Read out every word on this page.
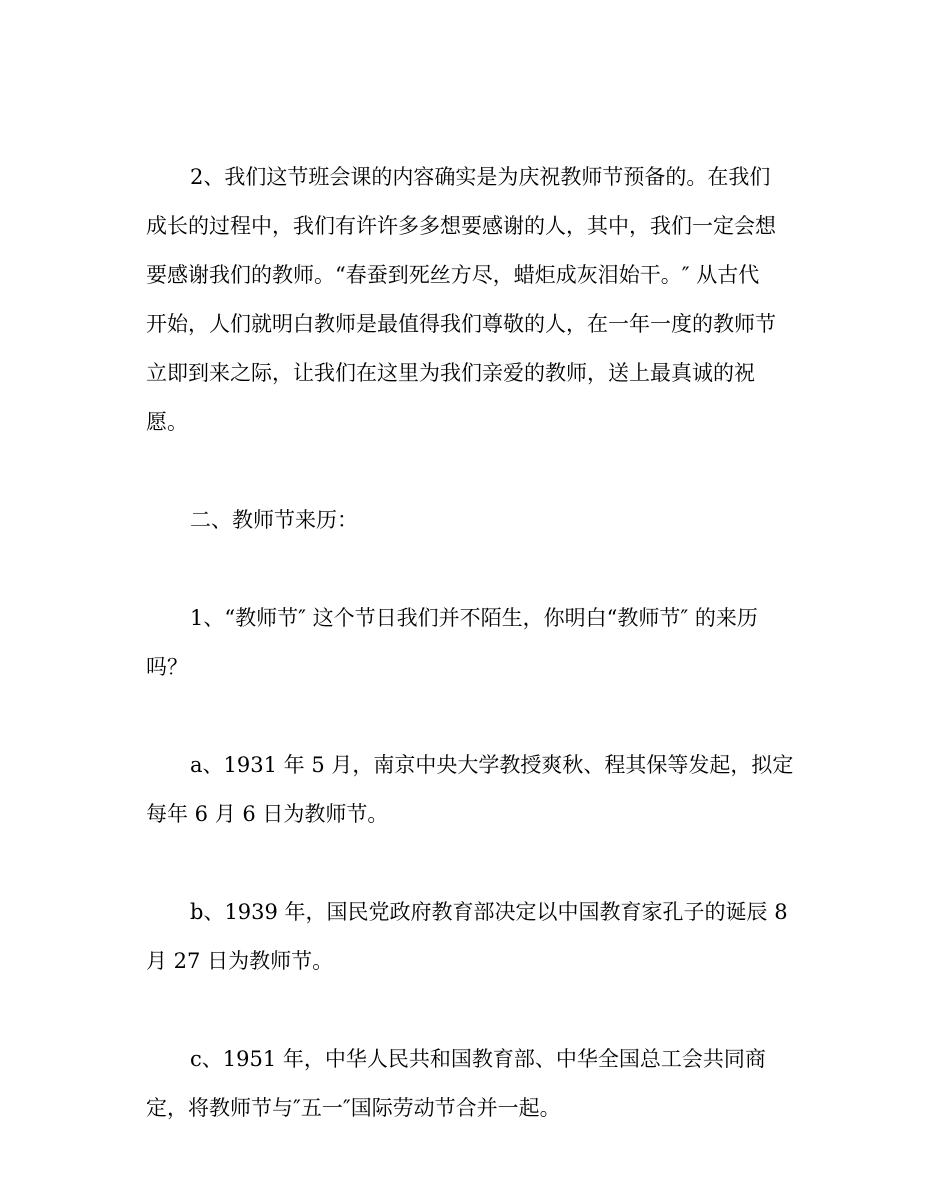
2、我们这节班会课的内容确实是为庆祝教师节预备的。在我们
成长的过程中，我们有许许多多想要感谢的人，其中，我们一定会想
要感谢我们的教师。“春蚕到死丝方尽，蜡炬成灰泪始干。″ 从古代
开始，人们就明白教师是最值得我们尊敬的人，在一年一度的教师节
立即到来之际，让我们在这里为我们亲爱的教师，送上最真诚的祝
愿。
二、教师节来历：
1、“教师节″ 这个节日我们并不陌生，你明白“教师节″ 的来历
吗？
a、1931 年 5 月，南京中央大学教授爽秋、程其保等发起，拟定
每年 6 月 6 日为教师节。
b、1939 年，国民党政府教育部决定以中国教育家孔子的诞辰 8
月 27 日为教师节。
c、1951 年，中华人民共和国教育部、中华全国总工会共同商
定，将教师节与″五一″国际劳动节合并一起。
